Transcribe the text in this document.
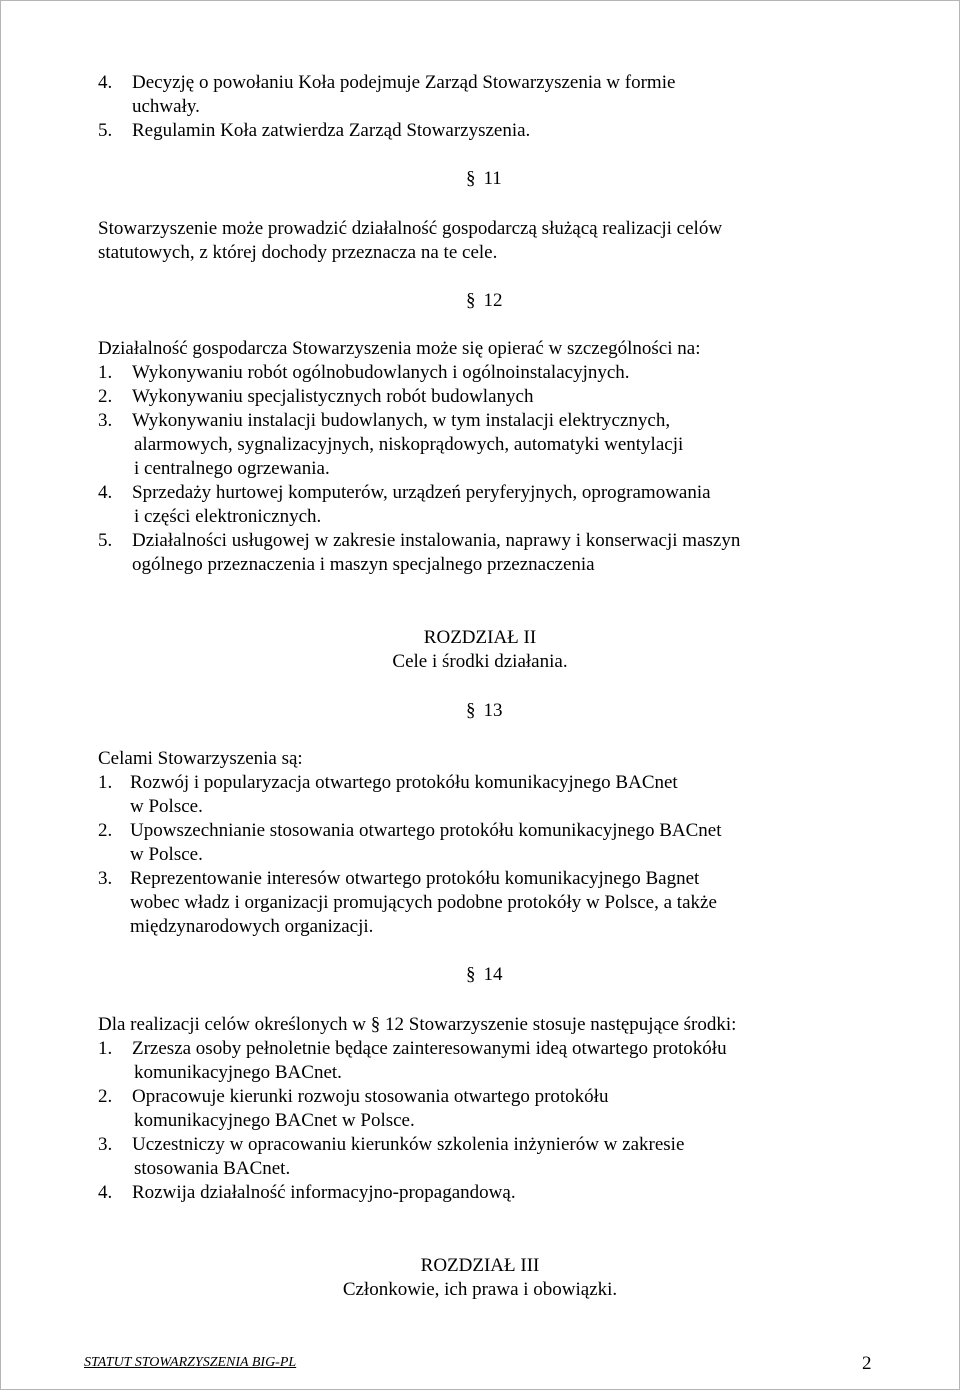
4. Decyzję o powołaniu Koła podejmuje Zarząd Stowarzyszenia w formie
uchwały.
5. Regulamin Koła zatwierdza Zarząd Stowarzyszenia.
§ 11
Stowarzyszenie może prowadzić działalność gospodarczą służącą realizacji celów
statutowych, z której dochody przeznacza na te cele.
§ 12
Działalność gospodarcza Stowarzyszenia może się opierać w szczególności na:
1. Wykonywaniu robót ogólnobudowlanych i ogólnoinstalacyjnych.
2. Wykonywaniu specjalistycznych robót budowlanych
3. Wykonywaniu instalacji budowlanych, w tym instalacji elektrycznych,
alarmowych, sygnalizacyjnych, niskoprądowych, automatyki wentylacji
i centralnego ogrzewania.
4. Sprzedaży hurtowej komputerów, urządzeń peryferyjnych, oprogramowania
i części elektronicznych.
5. Działalności usługowej w zakresie instalowania, naprawy i konserwacji maszyn
ogólnego przeznaczenia i maszyn specjalnego przeznaczenia
ROZDZIAŁ II
Cele i środki działania.
§ 13
Celami Stowarzyszenia są:
1. Rozwój i popularyzacja otwartego protokółu komunikacyjnego BACnet
w Polsce.
2. Upowszechnianie stosowania otwartego protokółu komunikacyjnego BACnet
w Polsce.
3. Reprezentowanie interesów otwartego protokółu komunikacyjnego Bagnet
wobec władz i organizacji promujących podobne protokóły w Polsce, a także
międzynarodowych organizacji.
§ 14
Dla realizacji celów określonych w § 12 Stowarzyszenie stosuje następujące środki:
1. Zrzesza osoby pełnoletnie będące zainteresowanymi ideą otwartego protokółu
komunikacyjnego BACnet.
2. Opracowuje kierunki rozwoju stosowania otwartego protokółu
komunikacyjnego BACnet w Polsce.
3. Uczestniczy w opracowaniu kierunków szkolenia inżynierów w zakresie
stosowania BACnet.
4. Rozwija działalność informacyjno-propagandową.
ROZDZIAŁ III
Członkowie, ich prawa i obowiązki.
STATUT STOWARZYSZENIA BIG-PL	2
